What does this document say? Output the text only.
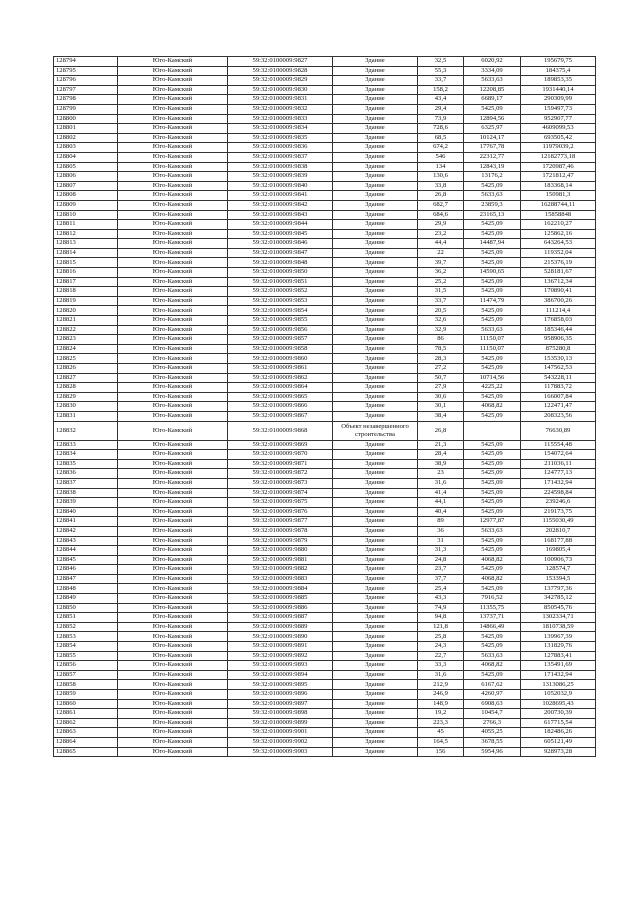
128794	Юго-Камский	59:32:0100009:9827	Здание	32,5	6020,92	195679,75
128795	Юго-Камский	59:32:0100009:9828	Здание	55,3	3334,09	184375,4
128796	Юго-Камский	59:32:0100009:9829	Здание	33,7	5633,63	189853,35
128797	Юго-Камский	59:32:0100009:9830	Здание	158,2	12208,85	1931440,14
128798	Юго-Камский	59:32:0100009:9831	Здание	43,4	6689,17	290309,99
128799	Юго-Камский	59:32:0100009:9832	Здание	29,4	5425,09	159497,73
128800	Юго-Камский	59:32:0100009:9833	Здание	73,9	12894,56	952907,77
128801	Юго-Камский	59:32:0100009:9834	Здание	728,6	6325,97	4609099,53
128802	Юго-Камский	59:32:0100009:9835	Здание	68,5	10124,17	693505,42
128803	Юго-Камский	59:32:0100009:9836	Здание	674,2	17767,78	11979039,2
128804	Юго-Камский	59:32:0100009:9837	Здание	546	22312,77	12182773,18
128805	Юго-Камский	59:32:0100009:9838	Здание	134	12843,19	1720987,46
128806	Юго-Камский	59:32:0100009:9839	Здание	130,6	13176,2	1721812,47
128807	Юго-Камский	59:32:0100009:9840	Здание	33,8	5425,09	183368,14
128808	Юго-Камский	59:32:0100009:9841	Здание	26,8	5633,63	150981,3
128809	Юго-Камский	59:32:0100009:9842	Здание	682,7	23859,3	16288744,11
128810	Юго-Камский	59:32:0100009:9843	Здание	684,6	23165,13	15858848
128811	Юго-Камский	59:32:0100009:9844	Здание	29,9	5425,09	162210,27
128812	Юго-Камский	59:32:0100009:9845	Здание	23,2	5425,09	125862,16
128813	Юго-Камский	59:32:0100009:9846	Здание	44,4	14487,94	643264,53
128814	Юго-Камский	59:32:0100009:9847	Здание	22	5425,09	119352,04
128815	Юго-Камский	59:32:0100009:9848	Здание	39,7	5425,09	215376,19
128816	Юго-Камский	59:32:0100009:9850	Здание	36,2	14590,65	528181,67
128817	Юго-Камский	59:32:0100009:9851	Здание	25,2	5425,09	136712,34
128818	Юго-Камский	59:32:0100009:9852	Здание	31,5	5425,09	170890,41
128819	Юго-Камский	59:32:0100009:9853	Здание	33,7	11474,79	386700,26
128820	Юго-Камский	59:32:0100009:9854	Здание	20,5	5425,09	111214,4
128821	Юго-Камский	59:32:0100009:9855	Здание	32,6	5425,09	176858,03
128822	Юго-Камский	59:32:0100009:9856	Здание	32,9	5633,63	185346,44
128823	Юго-Камский	59:32:0100009:9857	Здание	86	11150,07	958906,35
128824	Юго-Камский	59:32:0100009:9858	Здание	78,5	11150,07	875280,8
128825	Юго-Камский	59:32:0100009:9860	Здание	28,3	5425,09	153530,13
128826	Юго-Камский	59:32:0100009:9861	Здание	27,2	5425,09	147562,53
128827	Юго-Камский	59:32:0100009:9862	Здание	50,7	10714,56	543228,11
128828	Юго-Камский	59:32:0100009:9864	Здание	27,9	4225,22	117883,72
128829	Юго-Камский	59:32:0100009:9865	Здание	30,6	5425,09	166007,84
128830	Юго-Камский	59:32:0100009:9866	Здание	30,1	4068,82	122471,47
128831	Юго-Камский	59:32:0100009:9867	Здание	38,4	5425,09	208323,56
128832	Юго-Камский	59:32:0100009:9868	Объект незавершенного строительства	26,8		76630,89
128833	Юго-Камский	59:32:0100009:9869	Здание	21,3	5425,09	115554,48
128834	Юго-Камский	59:32:0100009:9870	Здание	28,4	5425,09	154072,64
128835	Юго-Камский	59:32:0100009:9871	Здание	38,9	5425,09	211036,11
128836	Юго-Камский	59:32:0100009:9872	Здание	23	5425,09	124777,13
128837	Юго-Камский	59:32:0100009:9873	Здание	31,6	5425,09	171432,94
128838	Юго-Камский	59:32:0100009:9874	Здание	41,4	5425,09	224598,84
128839	Юго-Камский	59:32:0100009:9875	Здание	44,1	5425,09	239246,6
128840	Юго-Камский	59:32:0100009:9876	Здание	40,4	5425,09	219173,75
128841	Юго-Камский	59:32:0100009:9877	Здание	89	12977,87	1155030,49
128842	Юго-Камский	59:32:0100009:9878	Здание	36	5633,63	202810,7
128843	Юго-Камский	59:32:0100009:9879	Здание	31	5425,09	168177,88
128844	Юго-Камский	59:32:0100009:9880	Здание	31,3	5425,09	169805,4
128845	Юго-Камский	59:32:0100009:9881	Здание	24,8	4068,82	100906,73
128846	Юго-Камский	59:32:0100009:9882	Здание	23,7	5425,09	128574,7
128847	Юго-Камский	59:32:0100009:9883	Здание	37,7	4068,82	153394,5
128848	Юго-Камский	59:32:0100009:9884	Здание	25,4	5425,09	137797,36
128849	Юго-Камский	59:32:0100009:9885	Здание	43,3	7916,52	342785,12
128850	Юго-Камский	59:32:0100009:9886	Здание	74,9	11355,75	850545,76
128851	Юго-Камский	59:32:0100009:9887	Здание	94,8	13737,71	1302334,71
128852	Юго-Камский	59:32:0100009:9889	Здание	121,8	14866,49	1810738,59
128853	Юго-Камский	59:32:0100009:9890	Здание	25,8	5425,09	139967,39
128854	Юго-Камский	59:32:0100009:9891	Здание	24,3	5425,09	131829,76
128855	Юго-Камский	59:32:0100009:9892	Здание	22,7	5633,63	127883,41
128856	Юго-Камский	59:32:0100009:9893	Здание	33,3	4068,82	135491,69
128857	Юго-Камский	59:32:0100009:9894	Здание	31,6	5425,09	171432,94
128858	Юго-Камский	59:32:0100009:9895	Здание	212,9	6167,62	1313086,25
128859	Юго-Камский	59:32:0100009:9896	Здание	246,9	4260,97	1052032,9
128860	Юго-Камский	59:32:0100009:9897	Здание	148,9	6908,63	1028695,43
128861	Юго-Камский	59:32:0100009:9898	Здание	19,2	10454,7	200730,39
128862	Юго-Камский	59:32:0100009:9899	Здание	223,3	2766,3	617715,54
128863	Юго-Камский	59:32:0100009:9901	Здание	45	4055,25	182486,26
128864	Юго-Камский	59:32:0100009:9902	Здание	164,5	3678,55	605121,49
128865	Юго-Камский	59:32:0100009:9903	Здание	156	5954,96	928973,28
